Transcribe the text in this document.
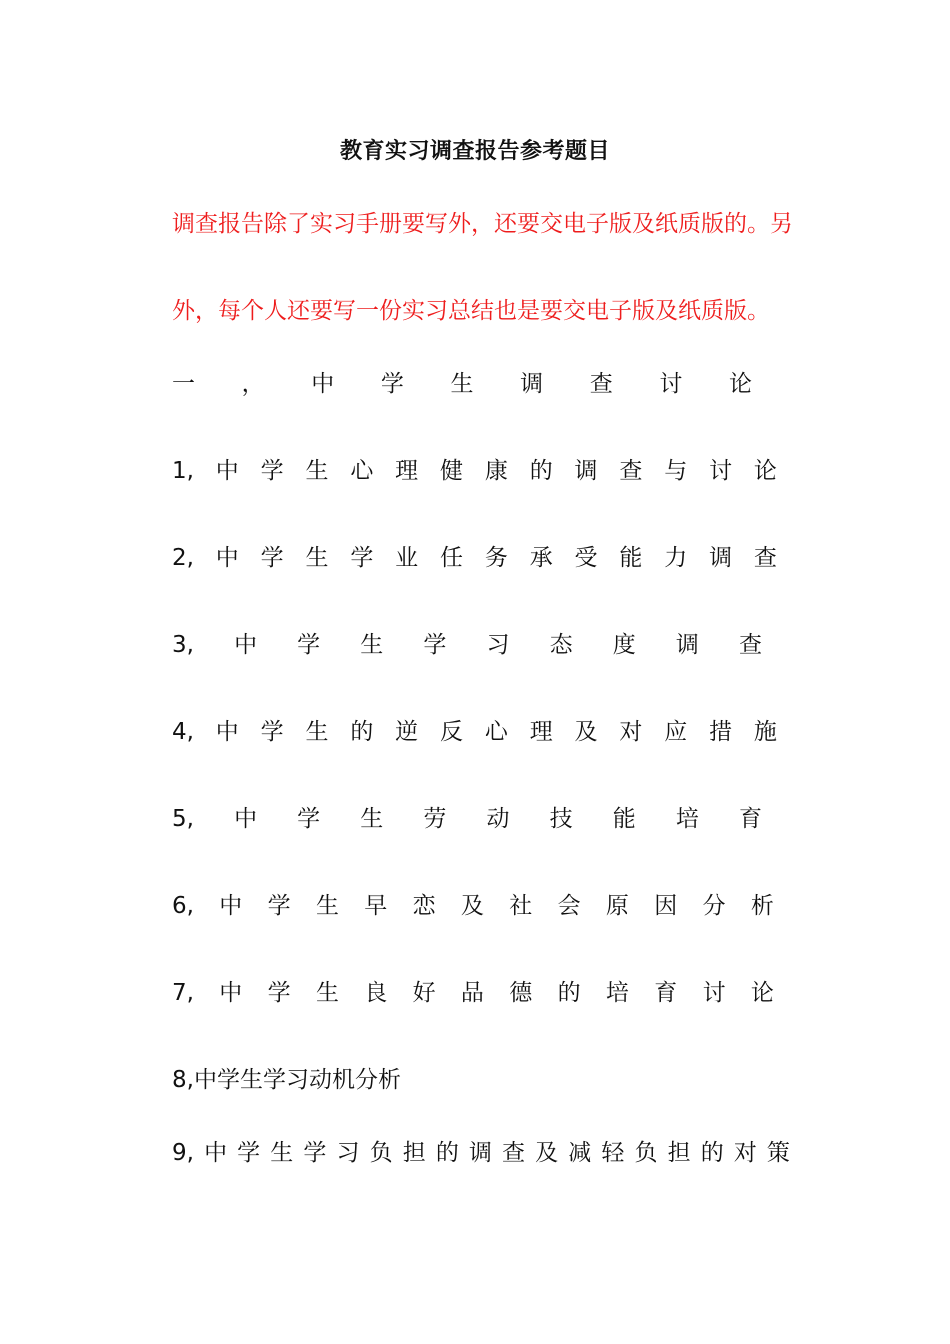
教育实习调查报告参考题目
调查报告除了实习手册要写外，还要交电子版及纸质版的。另
外，每个人还要写一份实习总结也是要交电子版及纸质版。
一 ， 中 学 生 调 查 讨 论
1, 中 学 生 心 理 健 康 的 调 查 与 讨 论
2, 中 学 生 学 业 任 务 承 受 能 力 调 查
3, 中 学 生 学 习 态 度 调 查
4, 中 学 生 的 逆 反 心 理 及 对 应 措 施
5, 中 学 生 劳 动 技 能 培 育
6, 中 学 生 早 恋 及 社 会 原 因 分 析
7, 中 学 生 良 好 品 德 的 培 育 讨 论
8,中学生学习动机分析
9, 中 学 生 学 习 负 担 的 调 查 及 减 轻 负 担 的 对 策
